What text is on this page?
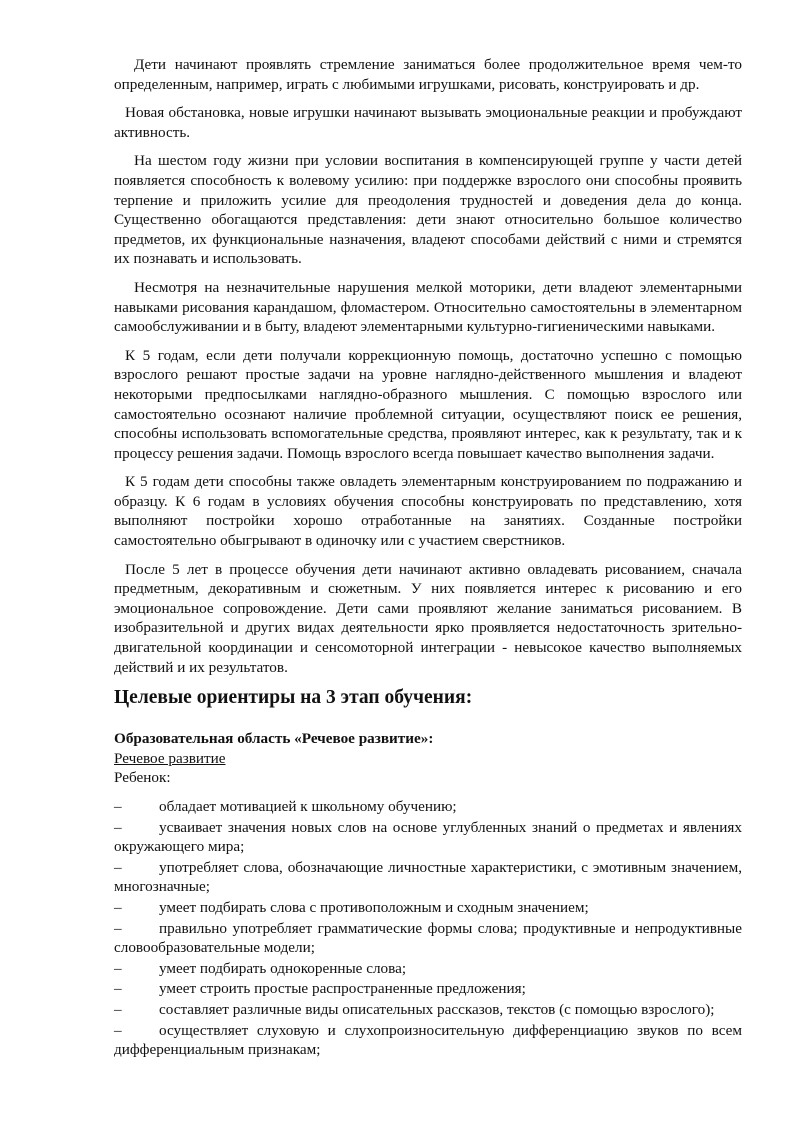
Дети начинают проявлять стремление заниматься более продолжительное время чем-то определенным, например, играть с любимыми игрушками, рисовать, конструировать и др.

Новая обстановка, новые игрушки начинают вызывать эмоциональные реакции и пробуждают активность.

На шестом году жизни при условии воспитания в компенсирующей группе у части детей появляется способность к волевому усилию: при поддержке взрослого они способны проявить терпение и приложить усилие для преодоления трудностей и доведения дела до конца. Существенно обогащаются представления: дети знают относительно большое количество предметов, их функциональные назначения, владеют способами действий с ними и стремятся их познавать и использовать.

Несмотря на незначительные нарушения мелкой моторики, дети владеют элементарными навыками рисования карандашом, фломастером. Относительно самостоятельны в элементарном самообслуживании и в быту, владеют элементарными культурно-гигиеническими навыками.

К 5 годам, если дети получали коррекционную помощь, достаточно успешно с помощью взрослого решают простые задачи на уровне наглядно-действенного мышления и владеют некоторыми предпосылками наглядно-образного мышления. С помощью взрослого или самостоятельно осознают наличие проблемной ситуации, осуществляют поиск ее решения, способны использовать вспомогательные средства, проявляют интерес, как к результату, так и к процессу решения задачи. Помощь взрослого всегда повышает качество выполнения задачи.

К 5 годам дети способны также овладеть элементарным конструированием по подражанию и образцу. К 6 годам в условиях обучения способны конструировать по представлению, хотя выполняют постройки хорошо отработанные на занятиях. Созданные постройки самостоятельно обыгрывают в одиночку или с участием сверстников.

После 5 лет в процессе обучения дети начинают активно овладевать рисованием, сначала предметным, декоративным и сюжетным. У них появляется интерес к рисованию и его эмоциональное сопровождение. Дети сами проявляют желание заниматься рисованием. В изобразительной и других видах деятельности ярко проявляется недостаточность зрительно-двигательной координации и сенсомоторной интеграции - невысокое качество выполняемых действий и их результатов.

Целевые ориентиры на 3 этап обучения:
Образовательная область «Речевое развитие»:
Речевое развитие
Ребенок:
– обладает мотивацией к школьному обучению;
– усваивает значения новых слов на основе углубленных знаний о предметах и явлениях окружающего мира;
– употребляет слова, обозначающие личностные характеристики, с эмотивным значением, многозначные;
– умеет подбирать слова с противоположным и сходным значением;
– правильно употребляет грамматические формы слова; продуктивные и непродуктивные словообразовательные модели;
– умеет подбирать однокоренные слова;
– умеет строить простые распространенные предложения;
– составляет различные виды описательных рассказов, текстов (с помощью взрослого);
– осуществляет слуховую и слухопроизносительную дифференциацию звуков по всем дифференциальным признакам;
